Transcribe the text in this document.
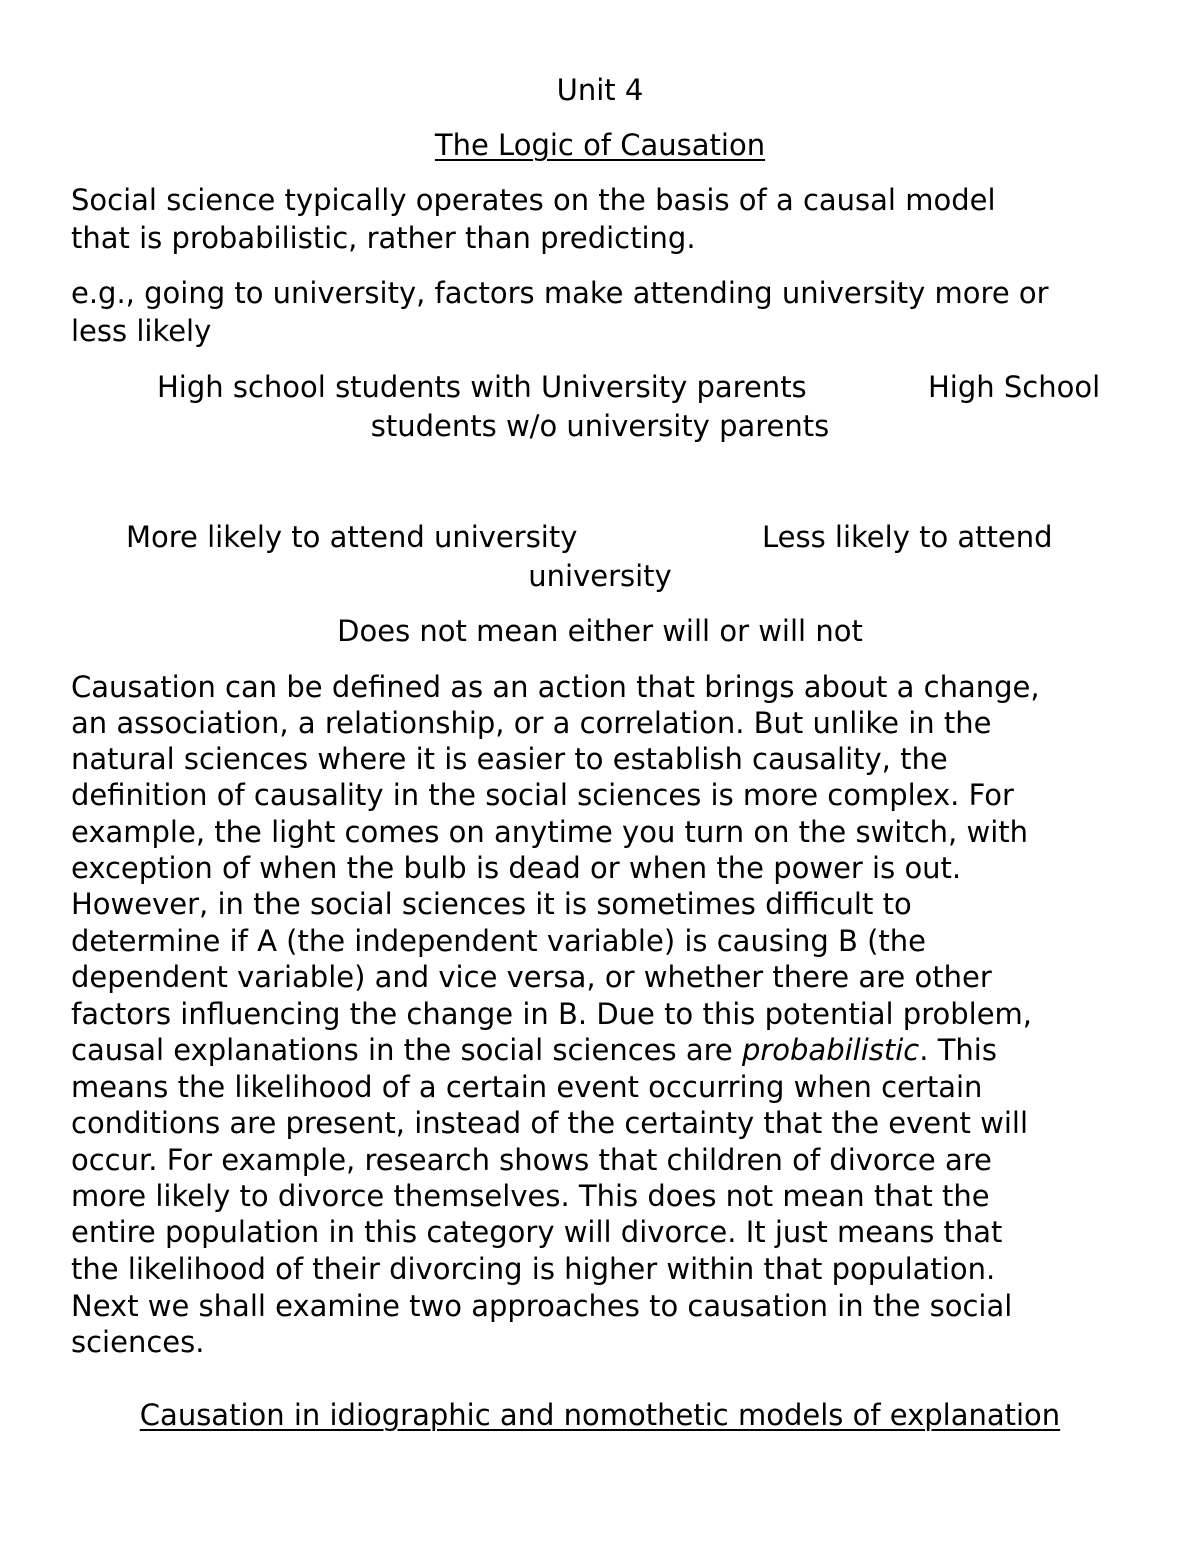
Unit 4

The Logic of Causation

Social science typically operates on the basis of a causal model

that is probabilistic, rather than predicting.

e.g., going to university, factors make attending university more or

less likely

High school students with University parents	High School

students w/o university parents

More likely to attend university	Less likely to attend

university

Does not mean either will or will not

Causation can be defined as an action that brings about a change,

an association, a relationship, or a correlation. But unlike in the

natural sciences where it is easier to establish causality, the

definition of causality in the social sciences is more complex. For

example, the light comes on anytime you turn on the switch, with

exception of when the bulb is dead or when the power is out.

However, in the social sciences it is sometimes difficult to

determine if A (the independent variable) is causing B (the

dependent variable) and vice versa, or whether there are other

factors influencing the change in B. Due to this potential problem,

causal explanations in the social sciences are probabilistic. This

means the likelihood of a certain event occurring when certain

conditions are present, instead of the certainty that the event will

occur. For example, research shows that children of divorce are

more likely to divorce themselves. This does not mean that the

entire population in this category will divorce. It just means that

the likelihood of their divorcing is higher within that population.

Next we shall examine two approaches to causation in the social

sciences.

Causation in idiographic and nomothetic models of explanation
